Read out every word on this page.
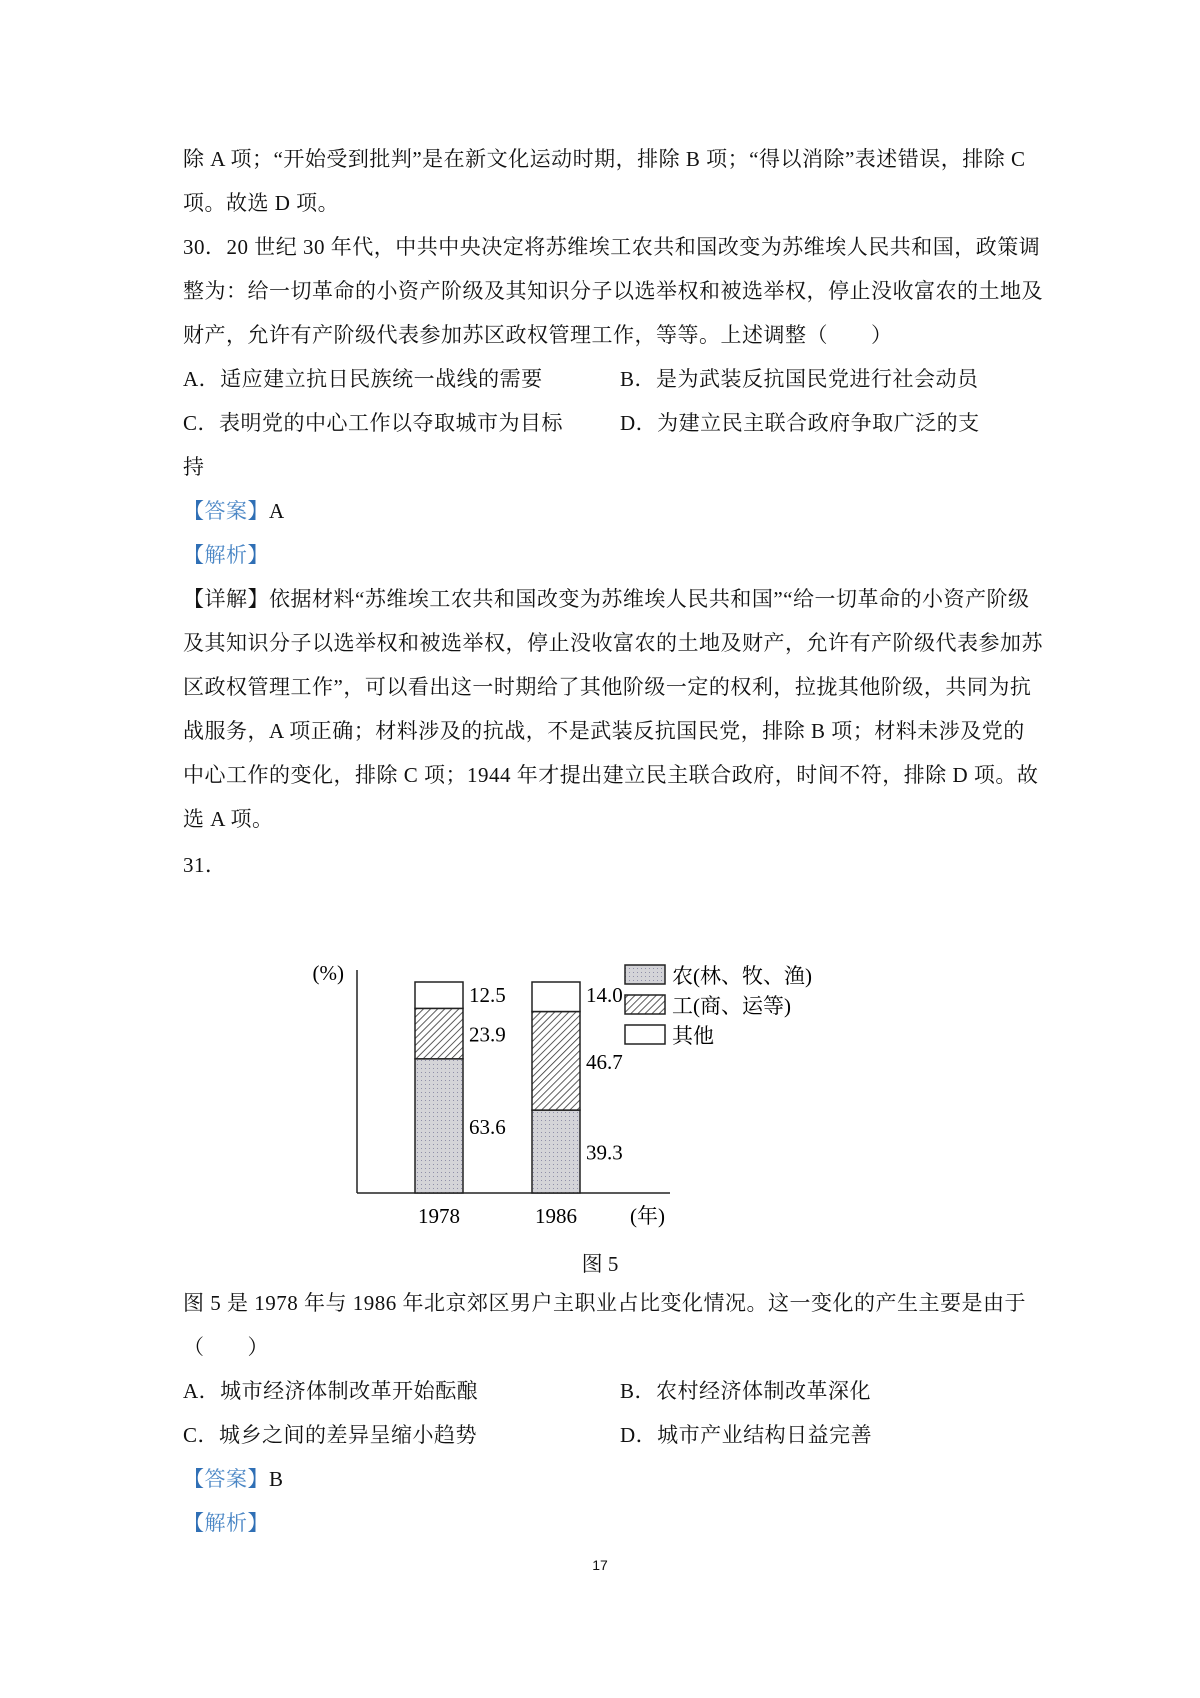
除 A 项；“开始受到批判”是在新文化运动时期，排除 B 项；“得以消除”表述错误，排除 C
项。故选 D 项。
30．20 世纪 30 年代，中共中央决定将苏维埃工农共和国改变为苏维埃人民共和国，政策调
整为：给一切革命的小资产阶级及其知识分子以选举权和被选举权，停止没收富农的土地及
财产，允许有产阶级代表参加苏区政权管理工作，等等。上述调整（　　）
A．适应建立抗日民族统一战线的需要	B．是为武装反抗国民党进行社会动员
C．表明党的中心工作以夺取城市为目标	D．为建立民主联合政府争取广泛的支
持
【答案】A
【解析】
【详解】依据材料“苏维埃工农共和国改变为苏维埃人民共和国”“给一切革命的小资产阶级
及其知识分子以选举权和被选举权，停止没收富农的土地及财产，允许有产阶级代表参加苏
区政权管理工作”，可以看出这一时期给了其他阶级一定的权利，拉拢其他阶级，共同为抗
战服务，A 项正确；材料涉及的抗战，不是武装反抗国民党，排除 B 项；材料未涉及党的
中心工作的变化，排除 C 项；1944 年才提出建立民主联合政府，时间不符，排除 D 项。故
选 A 项。
31．
(%)
(年)
63.6
23.9
12.5
1978
39.3
46.7
14.0
1986
农(林、牧、渔)
工(商、运等)
其他
图 5
图 5 是 1978 年与 1986 年北京郊区男户主职业占比变化情况。这一变化的产生主要是由于
（　　）
A．城市经济体制改革开始酝酿	B．农村经济体制改革深化
C．城乡之间的差异呈缩小趋势	D．城市产业结构日益完善
【答案】B
【解析】
17
